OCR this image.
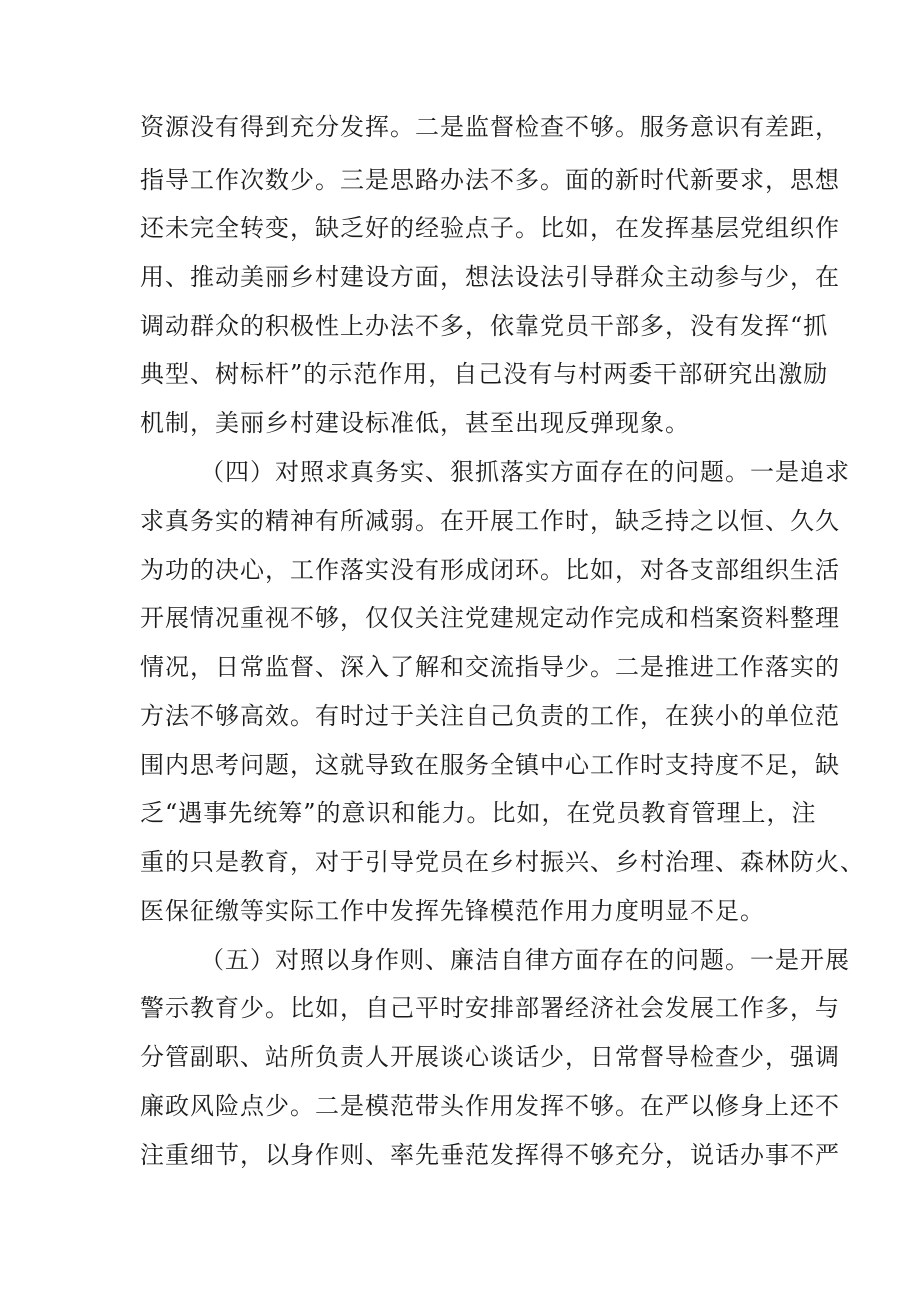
资源没有得到充分发挥。二是监督检查不够。服务意识有差距，
指导工作次数少。三是思路办法不多。面的新时代新要求，思想
还未完全转变，缺乏好的经验点子。比如，在发挥基层党组织作
用、推动美丽乡村建设方面，想法设法引导群众主动参与少，在
调动群众的积极性上办法不多，依靠党员干部多，没有发挥“抓
典型、树标杆”的示范作用，自己没有与村两委干部研究出激励
机制，美丽乡村建设标准低，甚至出现反弹现象。
（四）对照求真务实、狠抓落实方面存在的问题。一是追求
求真务实的精神有所减弱。在开展工作时，缺乏持之以恒、久久
为功的决心，工作落实没有形成闭环。比如，对各支部组织生活
开展情况重视不够，仅仅关注党建规定动作完成和档案资料整理
情况，日常监督、深入了解和交流指导少。二是推进工作落实的
方法不够高效。有时过于关注自己负责的工作，在狭小的单位范
围内思考问题，这就导致在服务全镇中心工作时支持度不足，缺
乏“遇事先统筹”的意识和能力。比如，在党员教育管理上，注
重的只是教育，对于引导党员在乡村振兴、乡村治理、森林防火、
医保征缴等实际工作中发挥先锋模范作用力度明显不足。
（五）对照以身作则、廉洁自律方面存在的问题。一是开展
警示教育少。比如，自己平时安排部署经济社会发展工作多，与
分管副职、站所负责人开展谈心谈话少，日常督导检查少，强调
廉政风险点少。二是模范带头作用发挥不够。在严以修身上还不
注重细节，以身作则、率先垂范发挥得不够充分，说话办事不严
